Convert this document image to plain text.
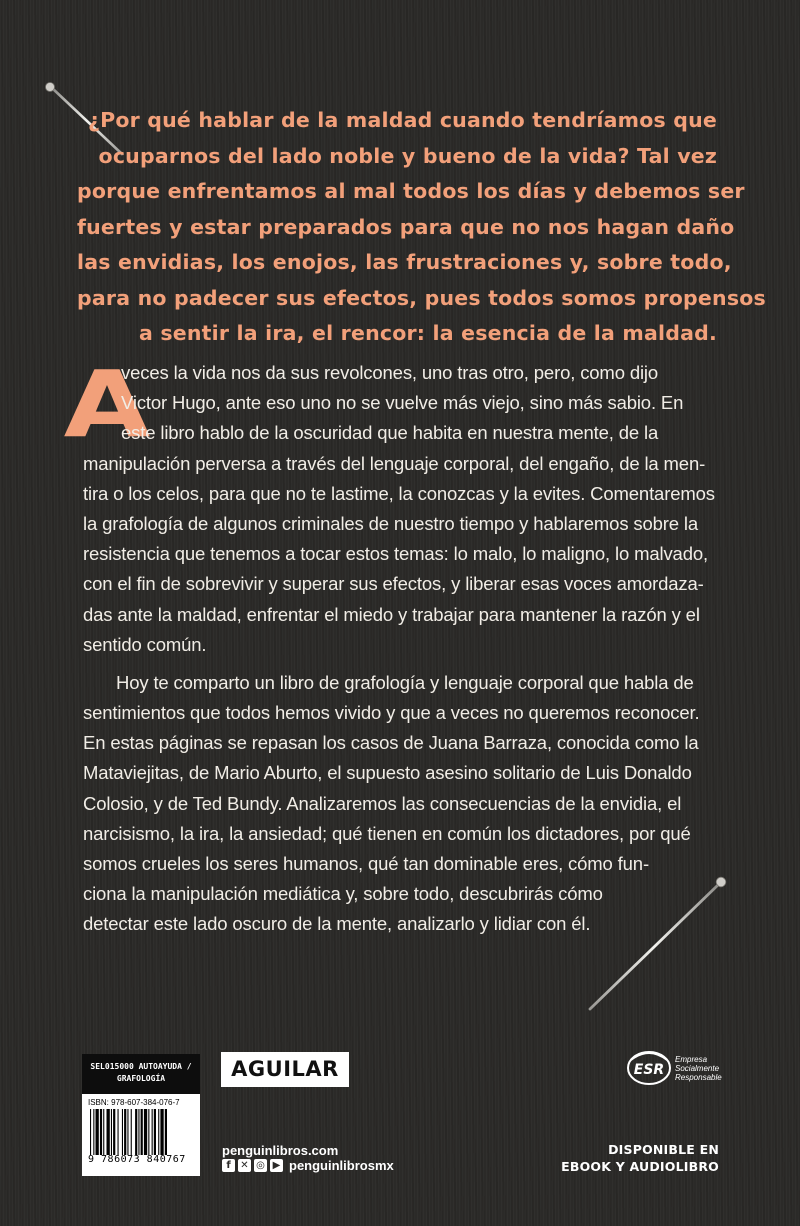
¿Por qué hablar de la maldad cuando tendríamos que
ocuparnos del lado noble y bueno de la vida? Tal vez
porque enfrentamos al mal todos los días y debemos ser
fuertes y estar preparados para que no nos hagan daño
las envidias, los enojos, las frustraciones y, sobre todo,
para no padecer sus efectos, pues todos somos propensos
a sentir la ira, el rencor: la esencia de la maldad.
A
veces la vida nos da sus revolcones, uno tras otro, pero, como dijo
Victor Hugo, ante eso uno no se vuelve más viejo, sino más sabio. En
este libro hablo de la oscuridad que habita en nuestra mente, de la
manipulación perversa a través del lenguaje corporal, del engaño, de la men-
tira o los celos, para que no te lastime, la conozcas y la evites. Comentaremos
la grafología de algunos criminales de nuestro tiempo y hablaremos sobre la
resistencia que tenemos a tocar estos temas: lo malo, lo maligno, lo malvado,
con el fin de sobrevivir y superar sus efectos, y liberar esas voces amordaza-
das ante la maldad, enfrentar el miedo y trabajar para mantener la razón y el
sentido común.
Hoy te comparto un libro de grafología y lenguaje corporal que habla de
sentimientos que todos hemos vivido y que a veces no queremos reconocer.
En estas páginas se repasan los casos de Juana Barraza, conocida como la
Mataviejitas, de Mario Aburto, el supuesto asesino solitario de Luis Donaldo
Colosio, y de Ted Bundy. Analizaremos las consecuencias de la envidia, el
narcisismo, la ira, la ansiedad; qué tienen en común los dictadores, por qué
somos crueles los seres humanos, qué tan dominable eres, cómo fun-
ciona la manipulación mediática y, sobre todo, descubrirás cómo
detectar este lado oscuro de la mente, analizarlo y lidiar con él.
SEL015000 AUTOAYUDA /
GRAFOLOGÍA
ISBN: 978-607-384-076-7
9 786073 840767
AGUILAR
penguinlibros.com
f ✕ ◎ ▶ penguinlibrosmx
ESR
Empresa
Socialmente
Responsable
DISPONIBLE EN
EBOOK Y AUDIOLIBRO
